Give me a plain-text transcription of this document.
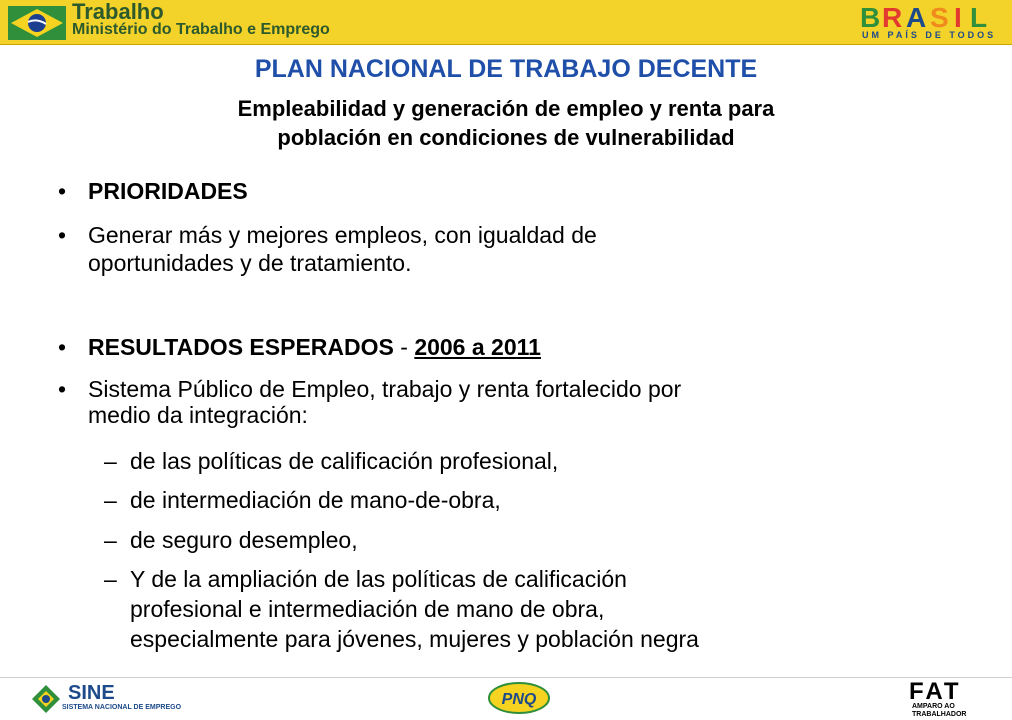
Trabalho
Ministério do Trabalho e Emprego	B R A S I L
UM PAÍS DE TODOS
PLAN NACIONAL DE TRABAJO DECENTE
Empleabilidad y generación de empleo y renta para
población en condiciones de vulnerabilidad
• PRIORIDADES
• Generar más y mejores empleos, con igualdad de
oportunidades y de tratamiento.
• RESULTADOS ESPERADOS - 2006 a 2011
• Sistema Público de Empleo, trabajo y renta fortalecido por
medio da integración:
– de las políticas de calificación profesional,
– de intermediación de mano-de-obra,
– de seguro desempleo,
– Y de la ampliación de las políticas de calificación
profesional e intermediación de mano de obra,
especialmente para jóvenes, mujeres y población negra
SINE
SISTEMA NACIONAL DE EMPREGO	PNQ	FAT
AMPARO AO TRABALHADOR
